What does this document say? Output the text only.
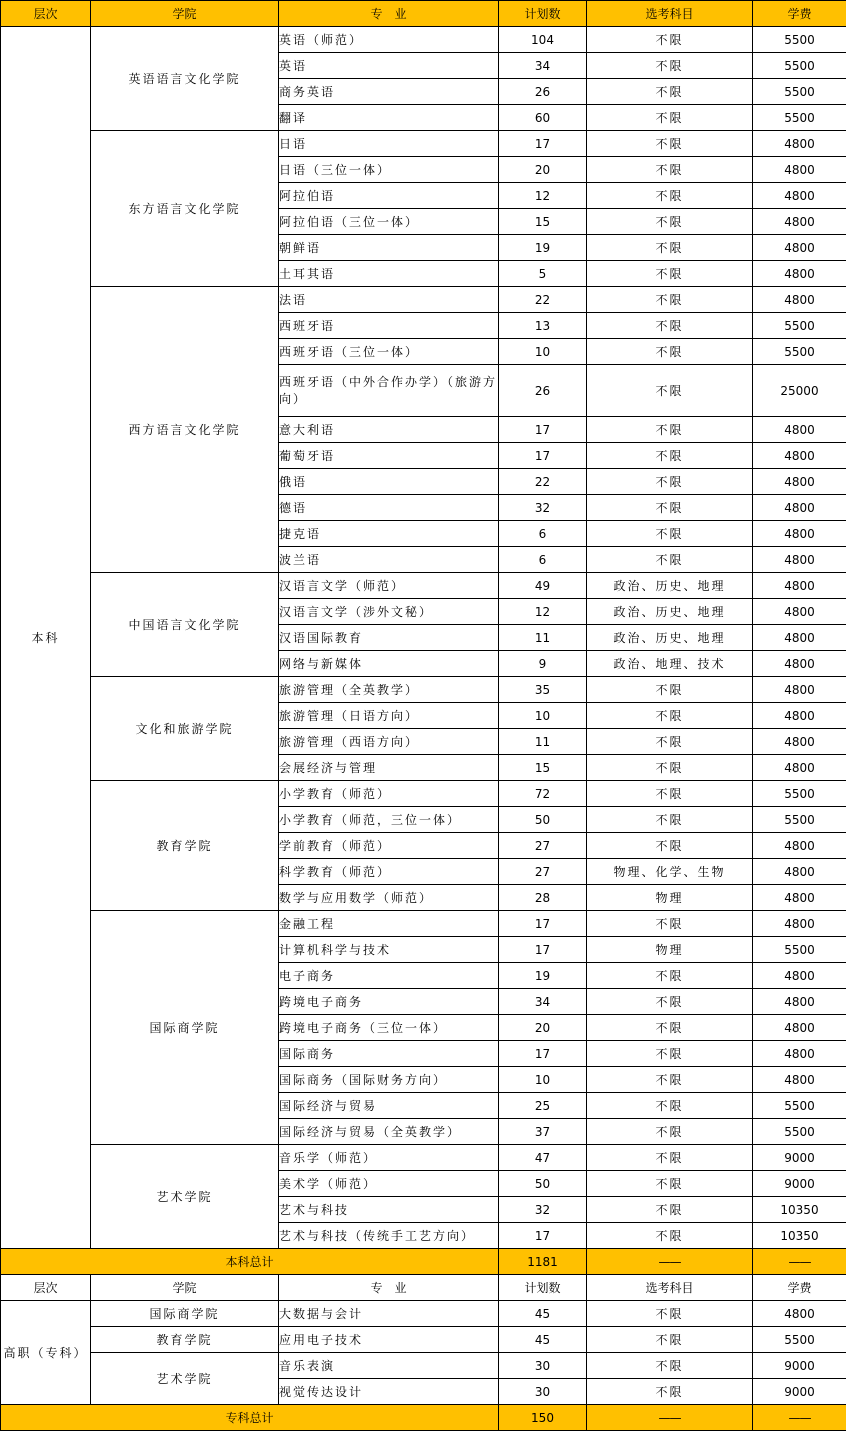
层次	学院	专　业	计划数	选考科目	学费
本科	英语语言文化学院	英语（师范）	104	不限	5500
		英语	34	不限	5500
		商务英语	26	不限	5500
		翻译	60	不限	5500
	东方语言文化学院	日语	17	不限	4800
		日语（三位一体）	20	不限	4800
		阿拉伯语	12	不限	4800
		阿拉伯语（三位一体）	15	不限	4800
		朝鲜语	19	不限	4800
		土耳其语	5	不限	4800
	西方语言文化学院	法语	22	不限	4800
		西班牙语	13	不限	5500
		西班牙语（三位一体）	10	不限	5500
		西班牙语（中外合作办学）（旅游方向）	26	不限	25000
		意大利语	17	不限	4800
		葡萄牙语	17	不限	4800
		俄语	22	不限	4800
		德语	32	不限	4800
		捷克语	6	不限	4800
		波兰语	6	不限	4800
	中国语言文化学院	汉语言文学（师范）	49	政治、历史、地理	4800
		汉语言文学（涉外文秘）	12	政治、历史、地理	4800
		汉语国际教育	11	政治、历史、地理	4800
		网络与新媒体	9	政治、地理、技术	4800
	文化和旅游学院	旅游管理（全英教学）	35	不限	4800
		旅游管理（日语方向）	10	不限	4800
		旅游管理（西语方向）	11	不限	4800
		会展经济与管理	15	不限	4800
	教育学院	小学教育（师范）	72	不限	5500
		小学教育（师范，三位一体）	50	不限	5500
		学前教育（师范）	27	不限	4800
		科学教育（师范）	27	物理、化学、生物	4800
		数学与应用数学（师范）	28	物理	4800
	国际商学院	金融工程	17	不限	4800
		计算机科学与技术	17	物理	5500
		电子商务	19	不限	4800
		跨境电子商务	34	不限	4800
		跨境电子商务（三位一体）	20	不限	4800
		国际商务	17	不限	4800
		国际商务（国际财务方向）	10	不限	4800
		国际经济与贸易	25	不限	5500
		国际经济与贸易（全英教学）	37	不限	5500
	艺术学院	音乐学（师范）	47	不限	9000
		美术学（师范）	50	不限	9000
		艺术与科技	32	不限	10350
		艺术与科技（传统手工艺方向）	17	不限	10350
本科总计			1181	——	——
层次	学院	专　业	计划数	选考科目	学费
高职（专科）	国际商学院	大数据与会计	45	不限	4800
	教育学院	应用电子技术	45	不限	5500
	艺术学院	音乐表演	30	不限	9000
		视觉传达设计	30	不限	9000
专科总计			150	——	——
